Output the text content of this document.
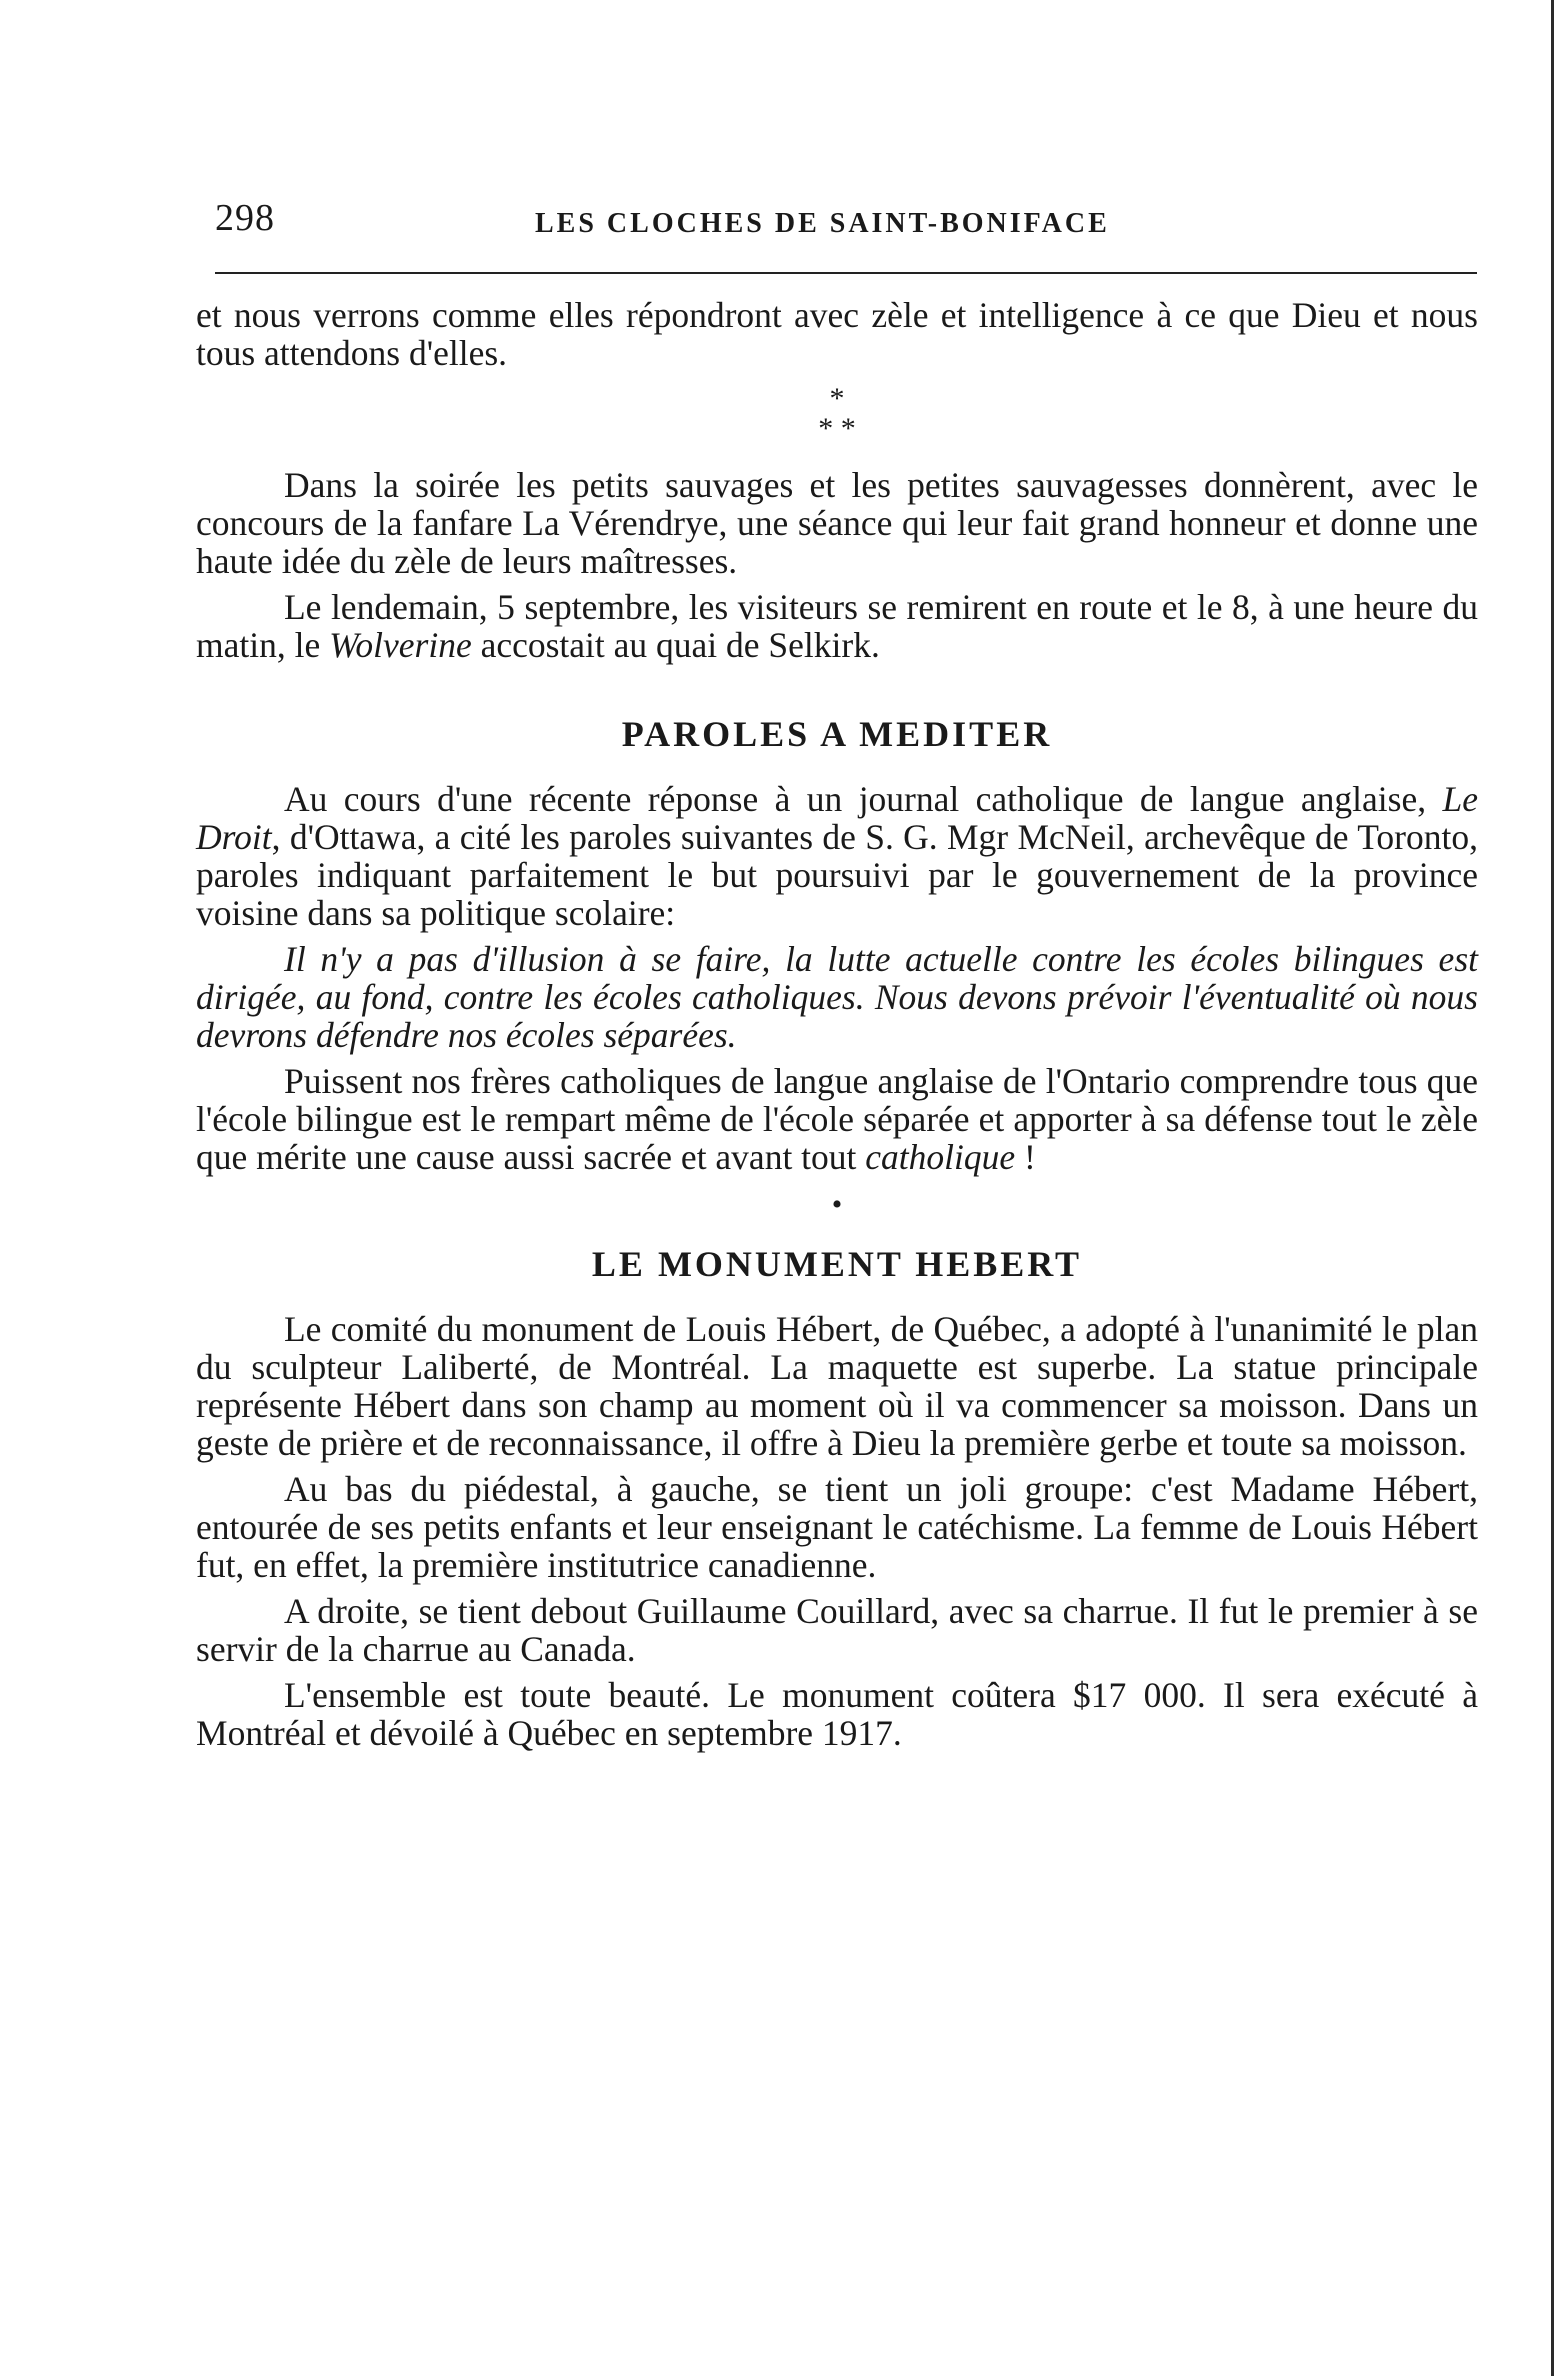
298	LES CLOCHES DE SAINT-BONIFACE

et nous verrons comme elles répondront avec zèle et intelligence à ce que Dieu et nous tous attendons d'elles.

*
* *

Dans la soirée les petits sauvages et les petites sauvagesses donnèrent, avec le concours de la fanfare La Vérendrye, une séance qui leur fait grand honneur et donne une haute idée du zèle de leurs maîtresses.

Le lendemain, 5 septembre, les visiteurs se remirent en route et le 8, à une heure du matin, le Wolverine accostait au quai de Selkirk.

PAROLES A MEDITER

Au cours d'une récente réponse à un journal catholique de langue anglaise, Le Droit, d'Ottawa, a cité les paroles suivantes de S. G. Mgr McNeil, archevêque de Toronto, paroles indiquant parfaitement le but poursuivi par le gouvernement de la province voisine dans sa politique scolaire:

Il n'y a pas d'illusion à se faire, la lutte actuelle contre les écoles bilingues est dirigée, au fond, contre les écoles catholiques. Nous devons prévoir l'éventualité où nous devrons défendre nos écoles séparées.

Puissent nos frères catholiques de langue anglaise de l'Ontario comprendre tous que l'école bilingue est le rempart même de l'école séparée et apporter à sa défense tout le zèle que mérite une cause aussi sacrée et avant tout catholique !

•
LE MONUMENT HEBERT

Le comité du monument de Louis Hébert, de Québec, a adopté à l'unanimité le plan du sculpteur Laliberté, de Montréal. La maquette est superbe. La statue principale représente Hébert dans son champ au moment où il va commencer sa moisson. Dans un geste de prière et de reconnaissance, il offre à Dieu la première gerbe et toute sa moisson.

Au bas du piédestal, à gauche, se tient un joli groupe: c'est Madame Hébert, entourée de ses petits enfants et leur enseignant le catéchisme. La femme de Louis Hébert fut, en effet, la première institutrice canadienne.

A droite, se tient debout Guillaume Couillard, avec sa charrue. Il fut le premier à se servir de la charrue au Canada.

L'ensemble est toute beauté. Le monument coûtera $17 000. Il sera exécuté à Montréal et dévoilé à Québec en septembre 1917.
